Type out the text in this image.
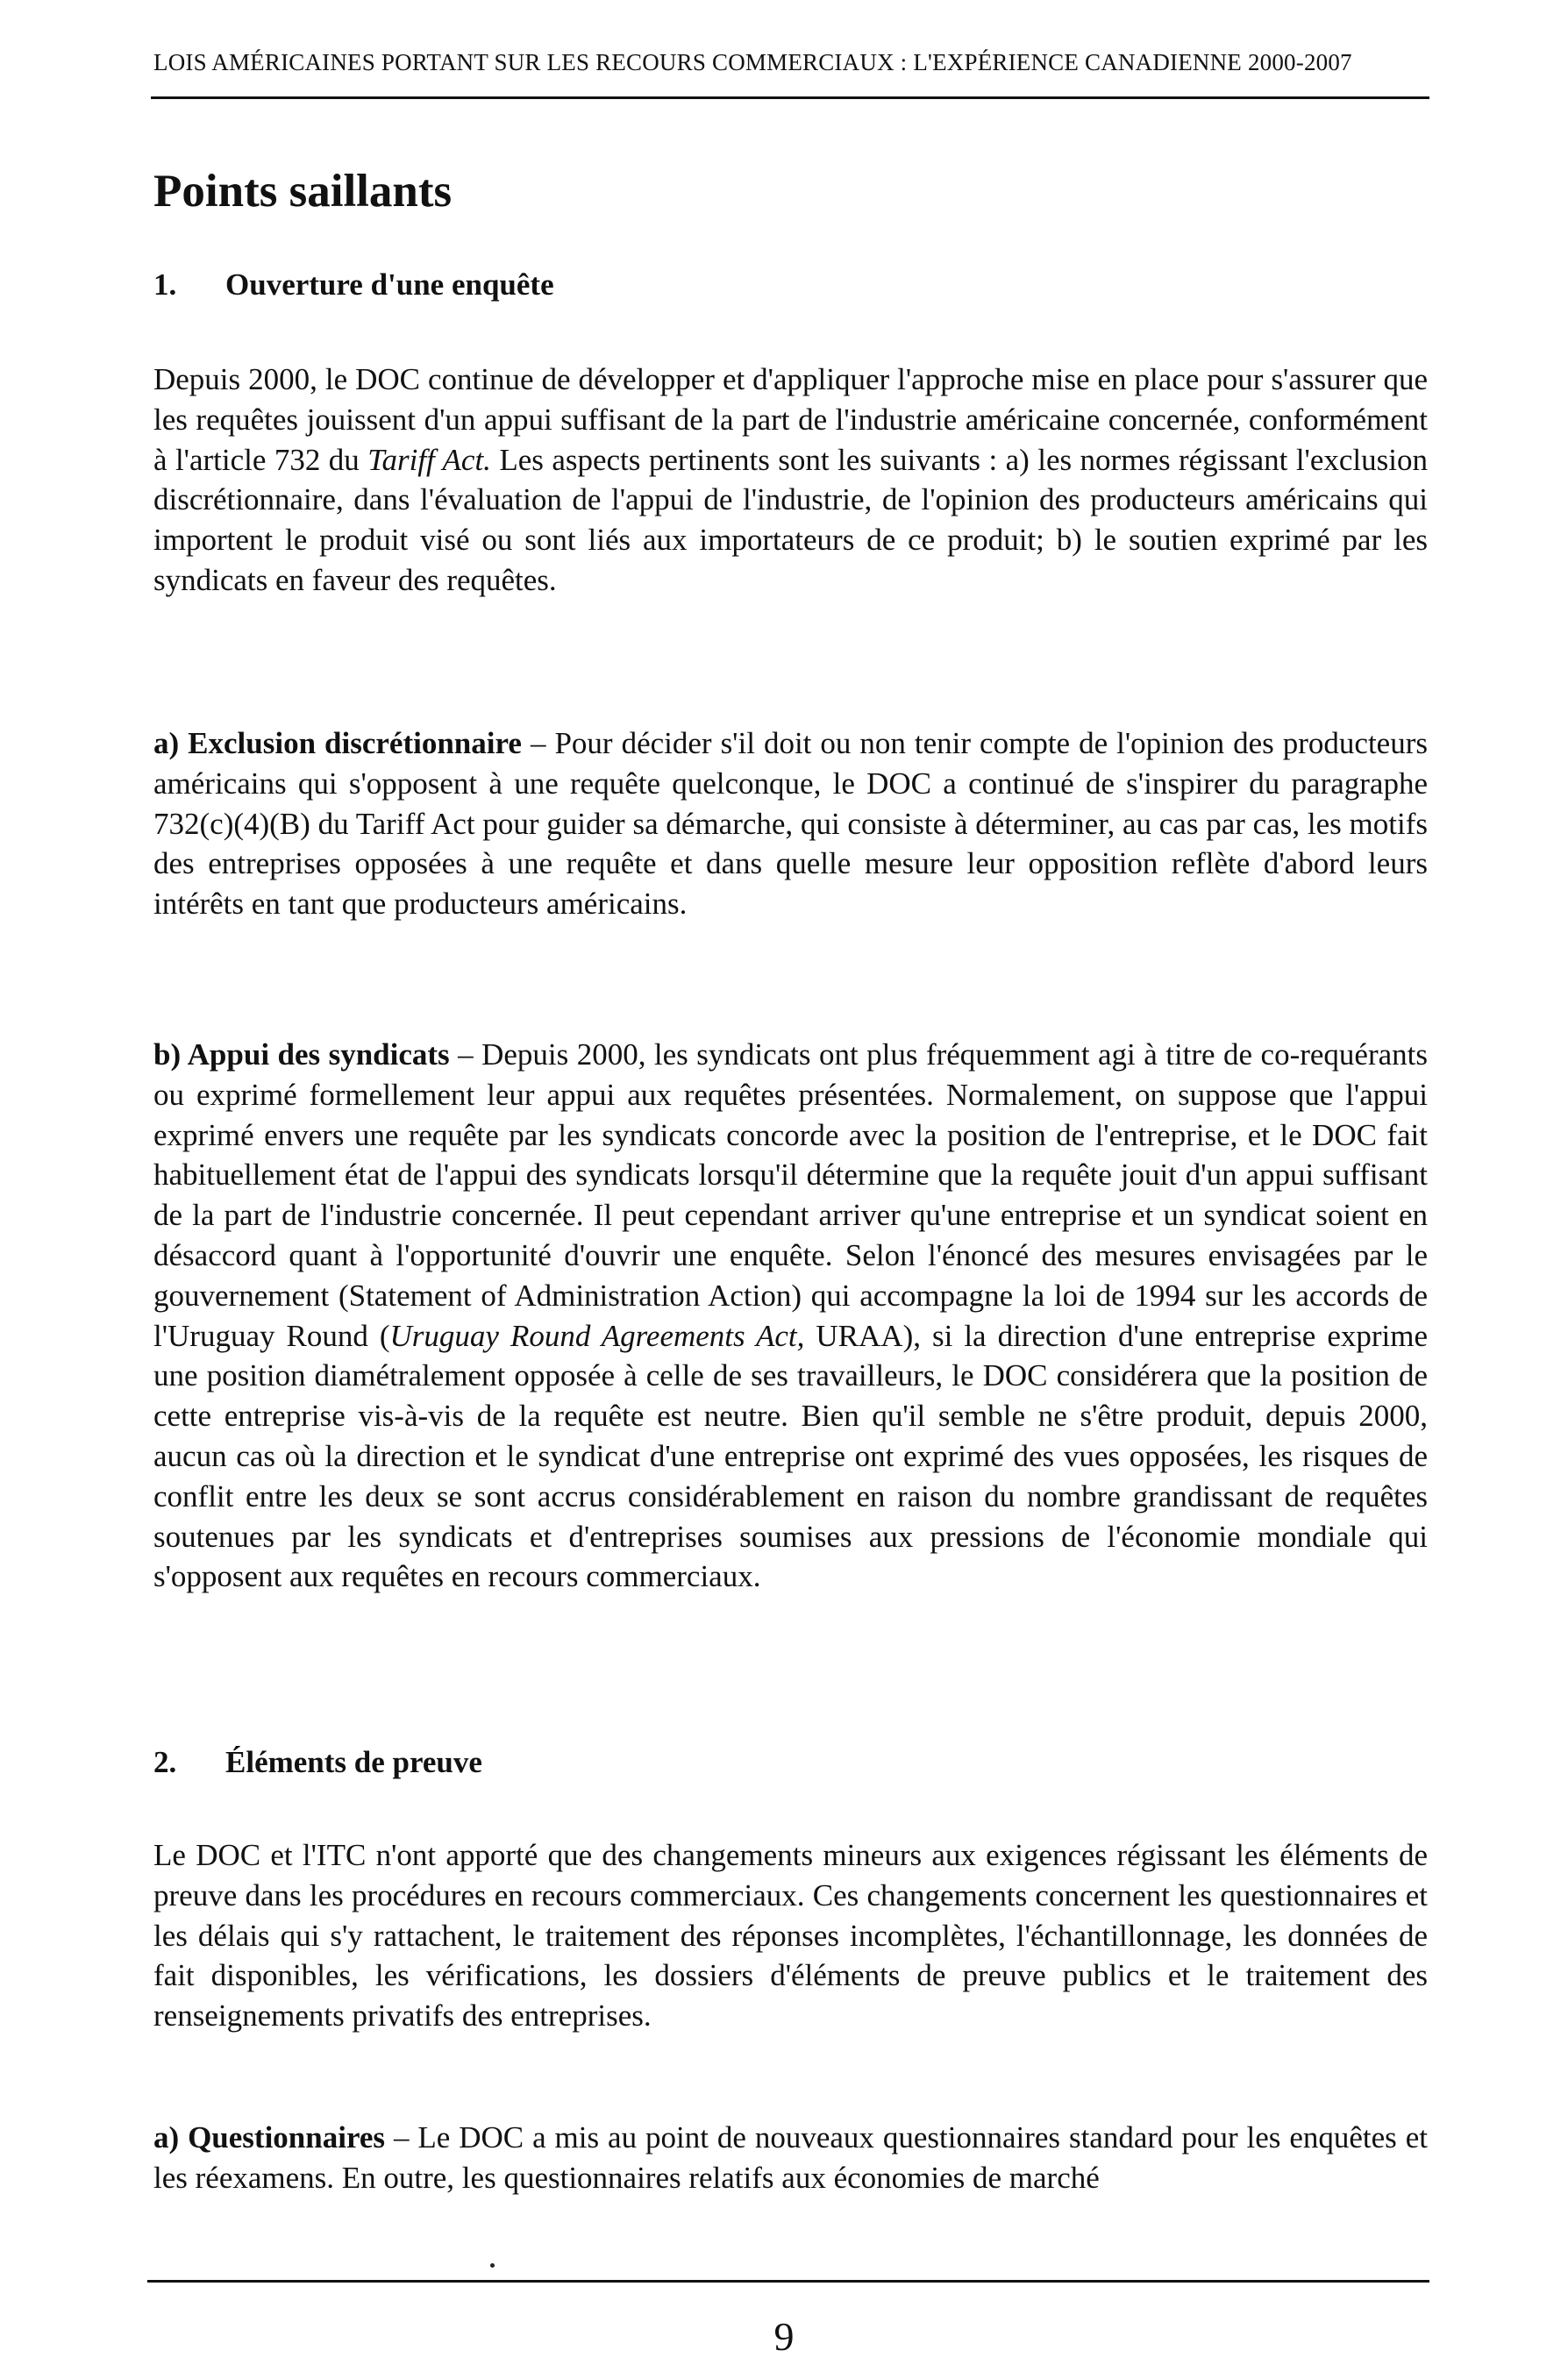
LOIS AMÉRICAINES PORTANT SUR LES RECOURS COMMERCIAUX : L'EXPÉRIENCE CANADIENNE 2000-2007
Points saillants
1. Ouverture d'une enquête
Depuis 2000, le DOC continue de développer et d'appliquer l'approche mise en place pour s'assurer que les requêtes jouissent d'un appui suffisant de la part de l'industrie américaine concernée, conformément à l'article 732 du Tariff Act. Les aspects pertinents sont les suivants : a) les normes régissant l'exclusion discrétionnaire, dans l'évaluation de l'appui de l'industrie, de l'opinion des producteurs américains qui importent le produit visé ou sont liés aux importateurs de ce produit; b) le soutien exprimé par les syndicats en faveur des requêtes.
a) Exclusion discrétionnaire – Pour décider s'il doit ou non tenir compte de l'opinion des producteurs américains qui s'opposent à une requête quelconque, le DOC a continué de s'inspirer du paragraphe 732(c)(4)(B) du Tariff Act pour guider sa démarche, qui consiste à déterminer, au cas par cas, les motifs des entreprises opposées à une requête et dans quelle mesure leur opposition reflète d'abord leurs intérêts en tant que producteurs américains.
b) Appui des syndicats – Depuis 2000, les syndicats ont plus fréquemment agi à titre de co-requérants ou exprimé formellement leur appui aux requêtes présentées. Normalement, on suppose que l'appui exprimé envers une requête par les syndicats concorde avec la position de l'entreprise, et le DOC fait habituellement état de l'appui des syndicats lorsqu'il détermine que la requête jouit d'un appui suffisant de la part de l'industrie concernée. Il peut cependant arriver qu'une entreprise et un syndicat soient en désaccord quant à l'opportunité d'ouvrir une enquête. Selon l'énoncé des mesures envisagées par le gouvernement (Statement of Administration Action) qui accompagne la loi de 1994 sur les accords de l'Uruguay Round (Uruguay Round Agreements Act, URAA), si la direction d'une entreprise exprime une position diamétralement opposée à celle de ses travailleurs, le DOC considérera que la position de cette entreprise vis-à-vis de la requête est neutre. Bien qu'il semble ne s'être produit, depuis 2000, aucun cas où la direction et le syndicat d'une entreprise ont exprimé des vues opposées, les risques de conflit entre les deux se sont accrus considérablement en raison du nombre grandissant de requêtes soutenues par les syndicats et d'entreprises soumises aux pressions de l'économie mondiale qui s'opposent aux requêtes en recours commerciaux.
2. Éléments de preuve
Le DOC et l'ITC n'ont apporté que des changements mineurs aux exigences régissant les éléments de preuve dans les procédures en recours commerciaux. Ces changements concernent les questionnaires et les délais qui s'y rattachent, le traitement des réponses incomplètes, l'échantillonnage, les données de fait disponibles, les vérifications, les dossiers d'éléments de preuve publics et le traitement des renseignements privatifs des entreprises.
a) Questionnaires – Le DOC a mis au point de nouveaux questionnaires standard pour les enquêtes et les réexamens. En outre, les questionnaires relatifs aux économies de marché
9
